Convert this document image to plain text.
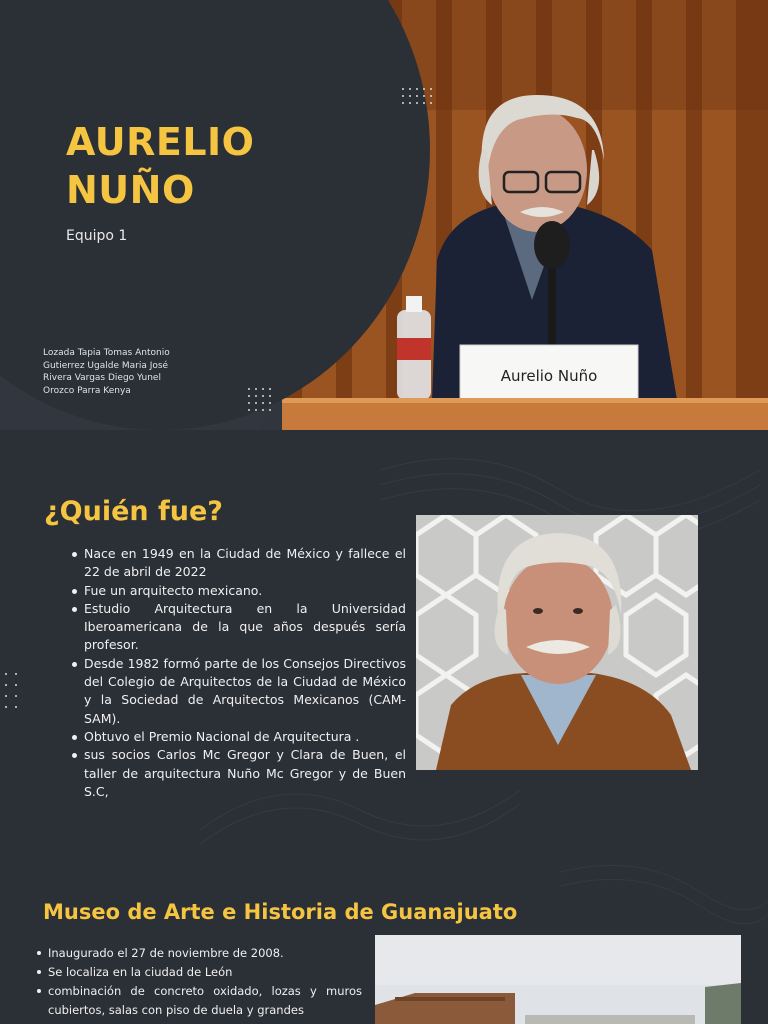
Aurelio Nuño
AURELIO
NUÑO
Equipo 1
Lozada Tapia Tomas Antonio
Gutierrez Ugalde Maria José
Rivera Vargas Diego Yunel
Orozco Parra Kenya
¿Quién fue?
Nace en 1949 en la Ciudad de México y fallece el 22 de abril de 2022
Fue un arquitecto mexicano.
Estudio Arquitectura en la Universidad Iberoamericana de la que años después sería profesor.
Desde 1982 formó parte de los Consejos Directivos del Colegio de Arquitectos de la Ciudad de México y la Sociedad de Arquitectos Mexicanos (CAM-SAM).
Obtuvo el Premio Nacional de Arquitectura .
sus socios Carlos Mc Gregor y Clara de Buen, el taller de arquitectura Nuño Mc Gregor y de Buen S.C,
Museo de Arte e Historia de Guanajuato
Inaugurado el 27 de noviembre de 2008.
Se localiza en la ciudad de León
combinación de concreto oxidado, lozas y muros cubiertos, salas con piso de duela y grandes
